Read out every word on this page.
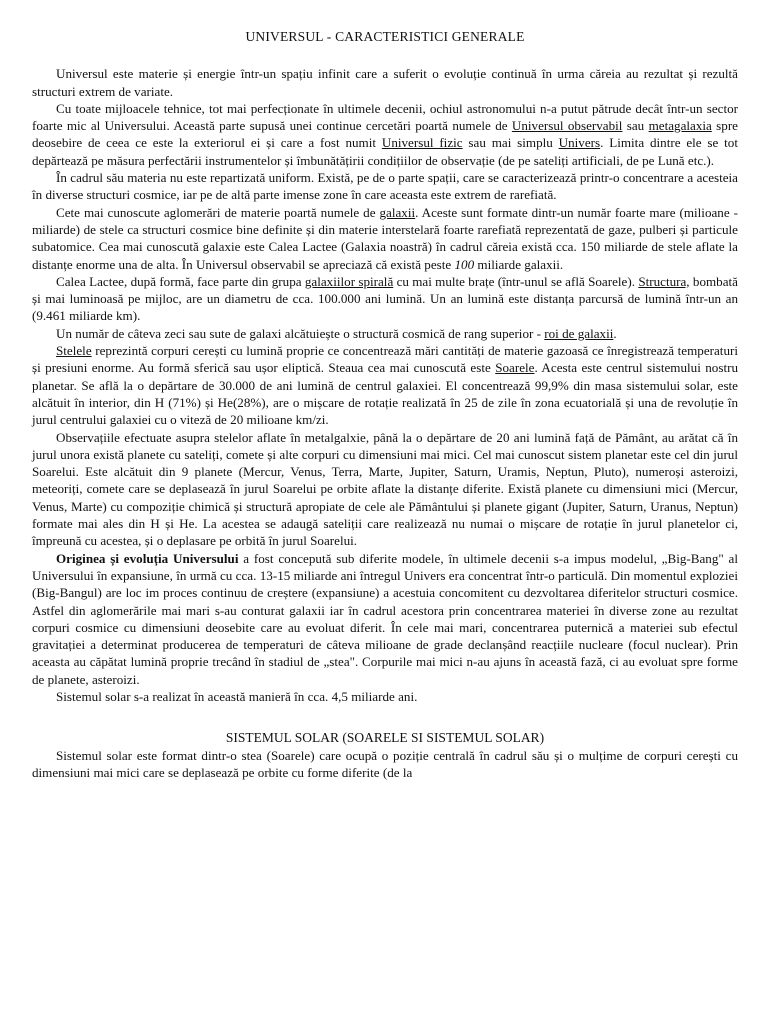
UNIVERSUL - CARACTERISTICI GENERALE

Universul este materie și energie într-un spațiu infinit care a suferit o evoluție continuă în urma căreia au rezultat și rezultă structuri extrem de variate.

Cu toate mijloacele tehnice, tot mai perfecționate în ultimele decenii, ochiul astronomului n-a putut pătrude decât într-un sector foarte mic al Universului. Această parte supusă unei continue cercetări poartă numele de Universul observabil sau metagalaxia spre deosebire de ceea ce este la exteriorul ei și care a fost numit Universul fizic sau mai simplu Univers. Limita dintre ele se tot depărtează pe măsura perfectării instrumentelor și îmbunătățirii condițiilor de observație (de pe sateliți artificiali, de pe Lună etc.).

În cadrul său materia nu este repartizată uniform. Există, pe de o parte spații, care se caracterizează printr-o concentrare a acesteia în diverse structuri cosmice, iar pe de altă parte imense zone în care aceasta este extrem de rarefiată.

Cete mai cunoscute aglomerări de materie poartă numele de galaxii. Aceste sunt formate dintr-un număr foarte mare (milioane - miliarde) de stele ca structuri cosmice bine definite și din materie interstelară foarte rarefiată reprezentată de gaze, pulberi și particule subatomice. Cea mai cunoscută galaxie este Calea Lactee (Galaxia noastră) în cadrul căreia există cca. 150 miliarde de stele aflate la distanțe enorme una de alta. În Universul observabil se apreciază că există peste 100 miliarde galaxii.

Calea Lactee, după formă, face parte din grupa galaxiilor spirală cu mai multe brațe (într-unul se află Soarele). Structura, bombată și mai luminoasă pe mijloc, are un diametru de cca. 100.000 ani lumină. Un an lumină este distanța parcursă de lumină într-un an (9.461 miliarde km).

Un număr de câteva zeci sau sute de galaxi alcătuiește o structură cosmică de rang superior - roi de galaxii.

Stelele reprezintă corpuri cerești cu lumină proprie ce concentrează mări cantități de materie gazoasă ce înregistrează temperaturi și presiuni enorme. Au formă sferică sau ușor eliptică. Steaua cea mai cunoscută este Soarele. Acesta este centrul sistemului nostru planetar. Se află la o depărtare de 30.000 de ani lumină de centrul galaxiei. El concentrează 99,9% din masa sistemului solar, este alcătuit în interior, din H (71%) și He(28%), are o mișcare de rotație realizată în 25 de zile în zona ecuatorială și una de revoluție în jurul centrului galaxiei cu o viteză de 20 milioane km/zi.

Observațiile efectuate asupra stelelor aflate în metalgalxie, până la o depărtare de 20 ani lumină față de Pământ, au arătat că în jurul unora există planete cu sateliți, comete și alte corpuri cu dimensiuni mai mici. Cel mai cunoscut sistem planetar este cel din jurul Soarelui. Este alcătuit din 9 planete (Mercur, Venus, Terra, Marte, Jupiter, Saturn, Uramis, Neptun, Pluto), numeroși asteroizi, meteoriți, comete care se deplasează în jurul Soarelui pe orbite aflate la distanțe diferite. Există planete cu dimensiuni mici (Mercur, Venus, Marte) cu compoziție chimică și structură apropiate de cele ale Pământului și planete gigant (Jupiter, Saturn, Uranus, Neptun) formate mai ales din H și He. La acestea se adaugă sateliții care realizează nu numai o mișcare de rotație în jurul planetelor ci, împreună cu acestea, și o deplasare pe orbită în jurul Soarelui.

Originea și evoluția Universului a fost concepută sub diferite modele, în ultimele decenii s-a impus modelul, „Big-Bang" al Universului în expansiune, în urmă cu cca. 13-15 miliarde ani întregul Univers era concentrat într-o particulă. Din momentul exploziei (Big-Bangul) are loc im proces continuu de creștere (expansiune) a acestuia concomitent cu dezvoltarea diferitelor structuri cosmice. Astfel din aglomerările mai mari s-au conturat galaxii iar în cadrul acestora prin concentrarea materiei în diverse zone au rezultat corpuri cosmice cu dimensiuni deosebite care au evoluat diferit. În cele mai mari, concentrarea puternică a materiei sub efectul gravitației a determinat producerea de temperaturi de câteva milioane de grade declanșând reacțiile nucleare (focul nuclear). Prin aceasta au căpătat lumină proprie trecând în stadiul de „stea". Corpurile mai mici n-au ajuns în această fază, ci au evoluat spre forme de planete, asteroizi.

Sistemul solar s-a realizat în această manieră în cca. 4,5 miliarde ani.

SISTEMUL SOLAR (SOARELE SI SISTEMUL SOLAR)

Sistemul solar este format dintr-o stea (Soarele) care ocupă o poziție centrală în cadrul său și o mulțime de corpuri cerești cu dimensiuni mai mici care se deplasează pe orbite cu forme diferite (de la
